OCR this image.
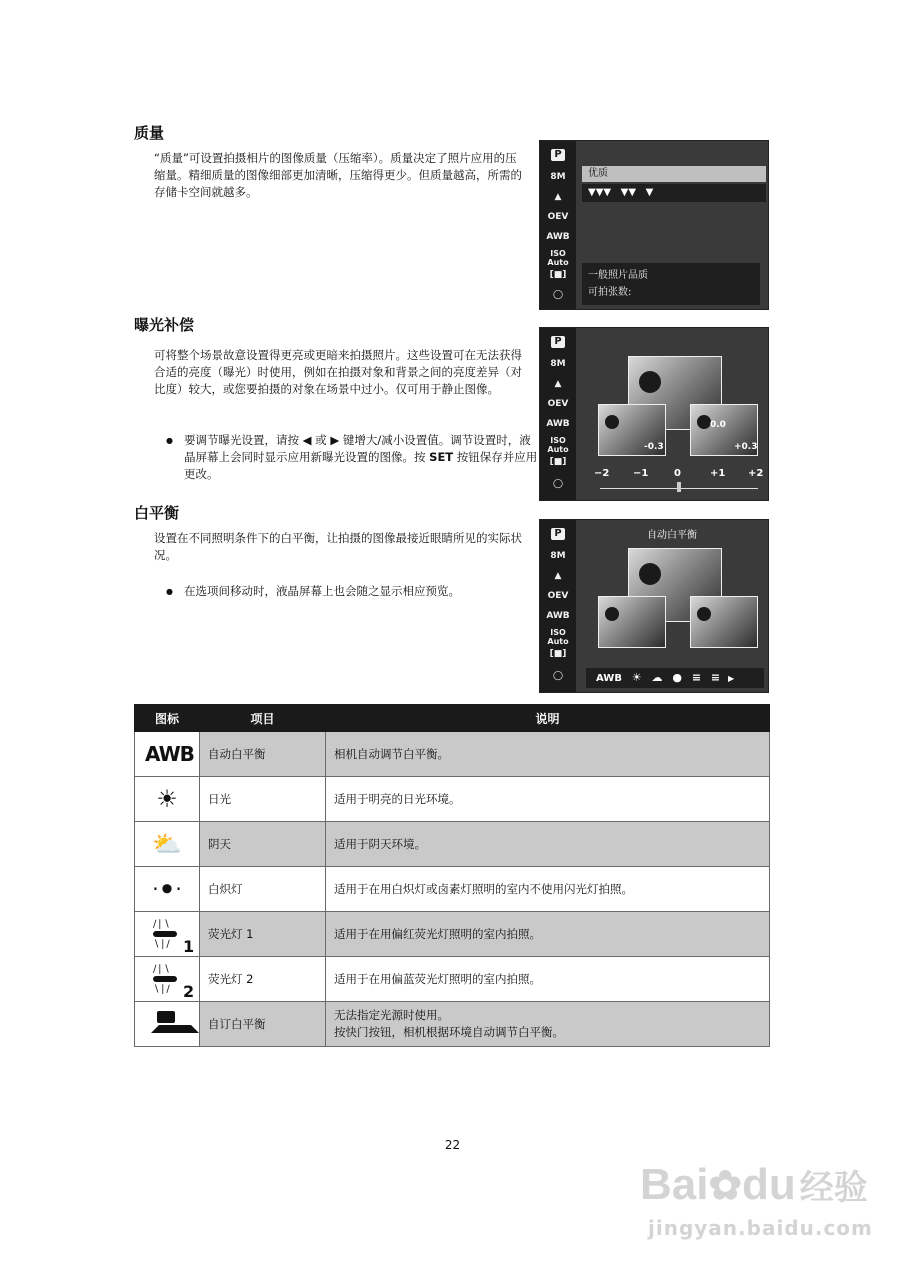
质量

“质量”可设置拍摄相片的图像质量（压缩率）。质量决定了照片应用的压缩量。精细质量的图像细部更加清晰，压缩得更少。但质量越高，所需的存储卡空间就越多。

P
8M
▲
OEV
AWB
ISO Auto
[■]
◯
优质
▼▼▼ ▼▼ ▼
一般照片品质
可拍张数:
曝光补偿

可将整个场景故意设置得更亮或更暗来拍摄照片。这些设置可在无法获得合适的亮度（曝光）时使用，例如在拍摄对象和背景之间的亮度差异（对比度）较大，或您要拍摄的对象在场景中过小。仅可用于静止图像。

● 要调节曝光设置，请按 ◀ 或 ▶ 键增大/减小设置值。调节设置时，液晶屏幕上会同时显示应用新曝光设置的图像。按 SET 按钮保存并应用更改。

P
8M
▲
OEV
AWB
ISO Auto
[■]
◯
-0.3
0.0
+0.3
−2 −1	0	+1 +2
白平衡

设置在不同照明条件下的白平衡，让拍摄的图像最接近眼睛所见的实际状况。

● 在选项间移动时，液晶屏幕上也会随之显示相应预览。

P
8M
▲
OEV
AWB
ISO Auto
[■]
◯
自动白平衡
AWB ☀ ☁ ● ≡ ≡ ▶
图标	项目	说明
AWB	自动白平衡	相机自动调节白平衡。
☀	日光	适用于明亮的日光环境。
⛅	阴天	适用于阴天环境。
·⚫·	白炽灯	适用于在用白炽灯或卤素灯照明的室内不使用闪光灯拍照。

∕∣∖
∖∣∕ 1	荧光灯 1	适用于在用偏红荧光灯照明的室内拍照。

∕∣∖
∖∣∕ 2	荧光灯 2	适用于在用偏蓝荧光灯照明的室内拍照。

	自订白平衡	无法指定光源时使用。
按快门按钮，相机根据环境自动调节白平衡。
22
Bai✿du 经验
jingyan.baidu.com
